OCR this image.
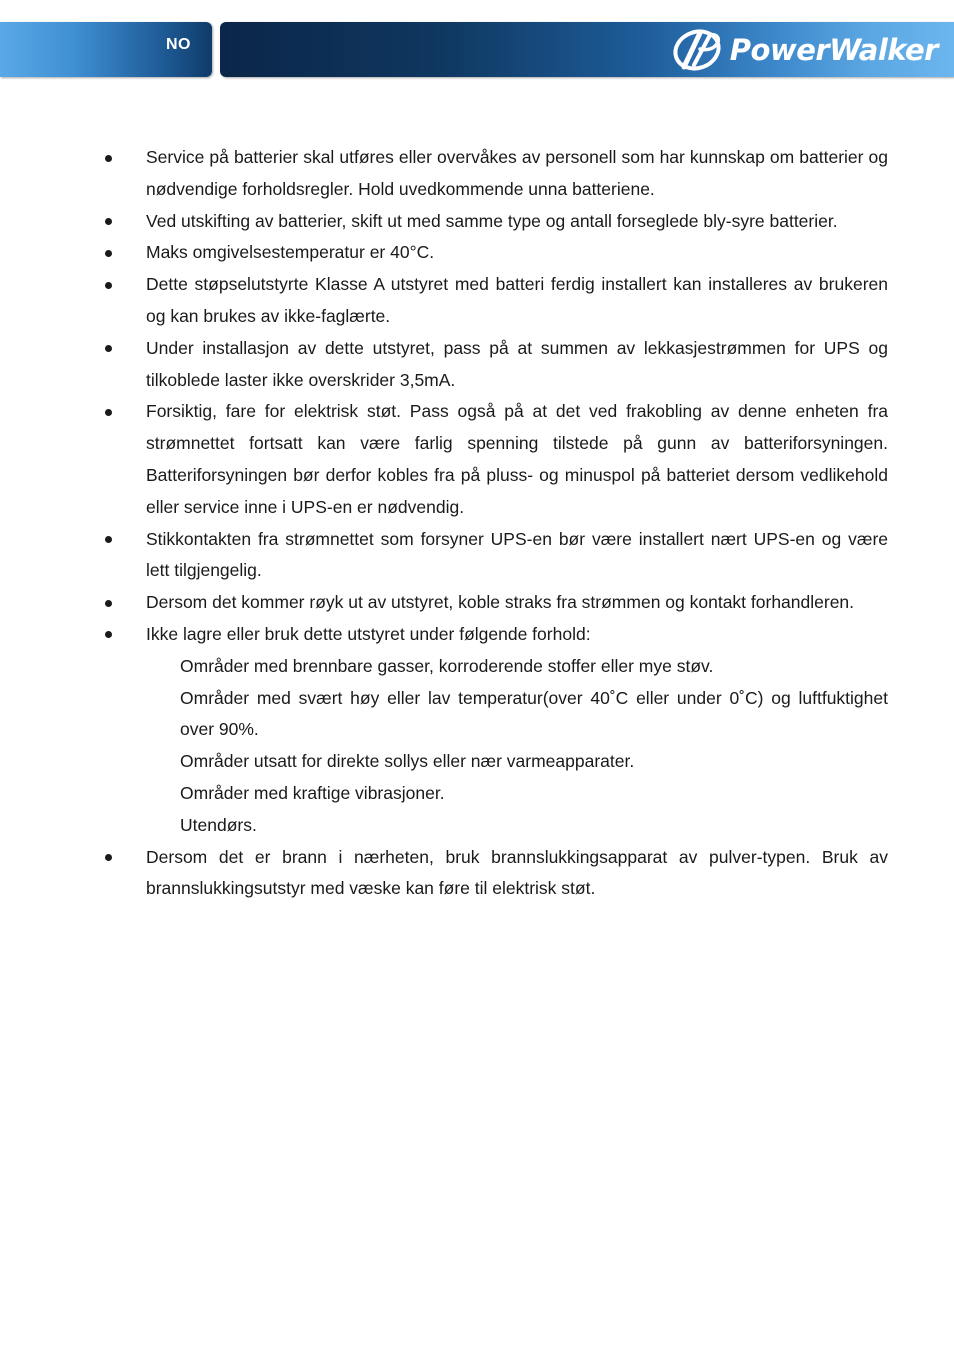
NO	PowerWalker
Service på batterier skal utføres eller overvåkes av personell som har kunnskap om batterier og nødvendige forholdsregler. Hold uvedkommende unna batteriene.
Ved utskifting av batterier, skift ut med samme type og antall forseglede bly-syre batterier.
Maks omgivelsestemperatur er 40°C.
Dette støpselutstyrte Klasse A utstyret med batteri ferdig installert kan installeres av brukeren og kan brukes av ikke-faglærte.
Under installasjon av dette utstyret, pass på at summen av lekkasjestrømmen for UPS og tilkoblede laster ikke overskrider 3,5mA.
Forsiktig, fare for elektrisk støt. Pass også på at det ved frakobling av denne enheten fra strømnettet fortsatt kan være farlig spenning tilstede på gunn av batteriforsyningen. Batteriforsyningen bør derfor kobles fra på pluss- og minuspol på batteriet dersom vedlikehold eller service inne i UPS-en er nødvendig.
Stikkontakten fra strømnettet som forsyner UPS-en bør være installert nært UPS-en og være lett tilgjengelig.
Dersom det kommer røyk ut av utstyret, koble straks fra strømmen og kontakt forhandleren.
Ikke lagre eller bruk dette utstyret under følgende forhold:
Områder med brennbare gasser, korroderende stoffer eller mye støv.
Områder med svært høy eller lav temperatur(over 40˚C eller under 0˚C) og luftfuktighet over 90%.
Områder utsatt for direkte sollys eller nær varmeapparater.
Områder med kraftige vibrasjoner.
Utendørs.
Dersom det er brann i nærheten, bruk brannslukkingsapparat av pulver-typen. Bruk av brannslukkingsutstyr med væske kan føre til elektrisk støt.
